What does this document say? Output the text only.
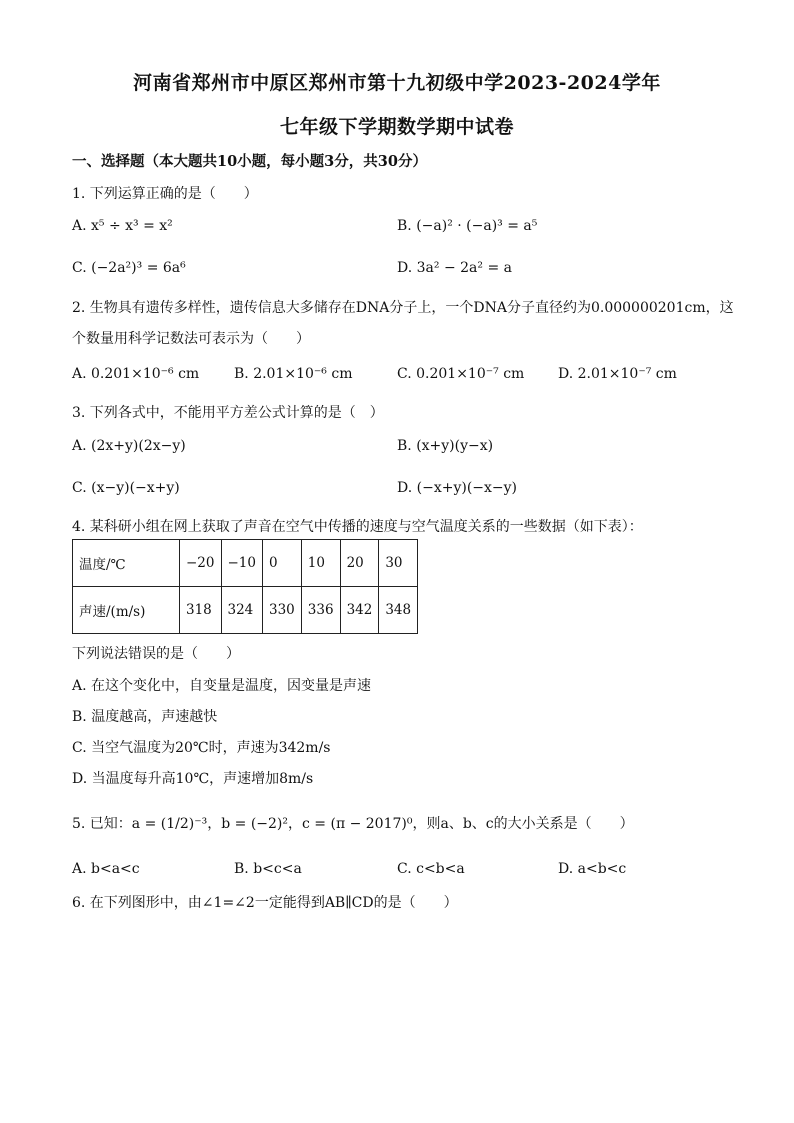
河南省郑州市中原区郑州市第十九初级中学2023-2024学年
七年级下学期数学期中试卷
一、选择题（本大题共10小题，每小题3分，共30分）
1. 下列运算正确的是（　　）
A. x⁵ ÷ x³ = x²	B. (−a)² · (−a)³ = a⁵
C. (−2a²)³ = 6a⁶	D. 3a² − 2a² = a
2. 生物具有遗传多样性，遗传信息大多储存在DNA分子上，一个DNA分子直径约为0.000000201cm，这
个数量用科学记数法可表示为（　　）
A. 0.201×10⁻⁶ cm B. 2.01×10⁻⁶ cm	C. 0.201×10⁻⁷ cm D. 2.01×10⁻⁷ cm
3. 下列各式中，不能用平方差公式计算的是（　）
A. (2x+y)(2x−y)	B. (x+y)(y−x)
C. (x−y)(−x+y)	D. (−x+y)(−x−y)
4. 某科研小组在网上获取了声音在空气中传播的速度与空气温度关系的一些数据（如下表）：
温度/℃	−20	−10	0	10	20	30
声速/(m/s)	318	324	330	336	342	348
下列说法错误的是（　　）
A. 在这个变化中，自变量是温度，因变量是声速
B. 温度越高，声速越快
C. 当空气温度为20℃时，声速为342m/s
D. 当温度每升高10℃，声速增加8m/s
5. 已知：a = (1/2)⁻³，b = (−2)²，c = (π − 2017)⁰，则a、b、c的大小关系是（　　）
A. b<a<c	B. b<c<a	C. c<b<a	D. a<b<c
6. 在下列图形中，由∠1=∠2一定能得到AB∥CD的是（　　）
